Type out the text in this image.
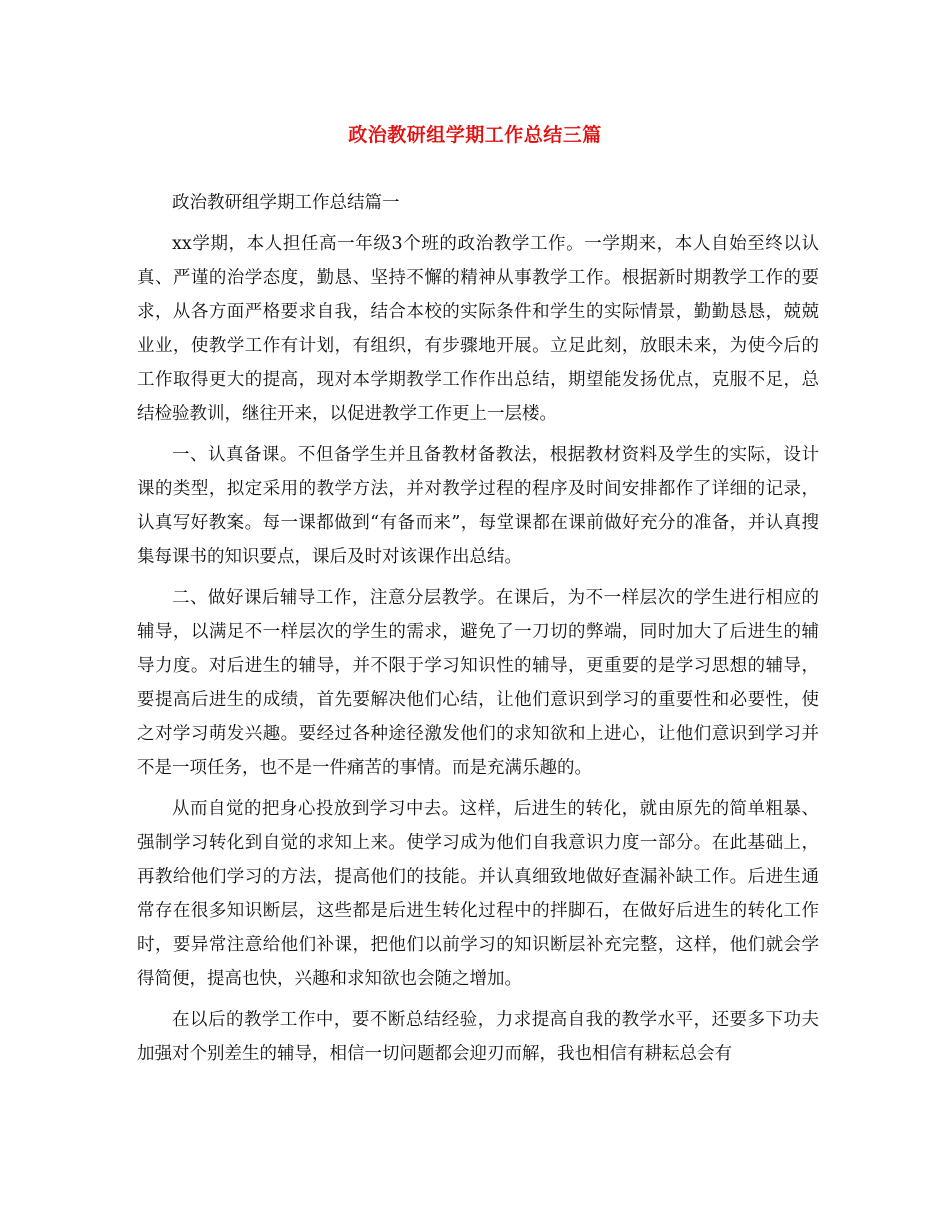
政治教研组学期工作总结三篇

政治教研组学期工作总结篇一

xx学期，本人担任高一年级3个班的政治教学工作。一学期来，本人自始至终以认真、严谨的治学态度，勤恳、坚持不懈的精神从事教学工作。根据新时期教学工作的要求，从各方面严格要求自我，结合本校的实际条件和学生的实际情景，勤勤恳恳，兢兢业业，使教学工作有计划，有组织，有步骤地开展。立足此刻，放眼未来，为使今后的工作取得更大的提高，现对本学期教学工作作出总结，期望能发扬优点，克服不足，总结检验教训，继往开来，以促进教学工作更上一层楼。

一、认真备课。不但备学生并且备教材备教法，根据教材资料及学生的实际，设计课的类型，拟定采用的教学方法，并对教学过程的程序及时间安排都作了详细的记录，认真写好教案。每一课都做到“有备而来”，每堂课都在课前做好充分的准备，并认真搜集每课书的知识要点，课后及时对该课作出总结。

二、做好课后辅导工作，注意分层教学。在课后，为不一样层次的学生进行相应的辅导，以满足不一样层次的学生的需求，避免了一刀切的弊端，同时加大了后进生的辅导力度。对后进生的辅导，并不限于学习知识性的辅导，更重要的是学习思想的辅导，要提高后进生的成绩，首先要解决他们心结，让他们意识到学习的重要性和必要性，使之对学习萌发兴趣。要经过各种途径激发他们的求知欲和上进心，让他们意识到学习并不是一项任务，也不是一件痛苦的事情。而是充满乐趣的。

从而自觉的把身心投放到学习中去。这样，后进生的转化，就由原先的简单粗暴、强制学习转化到自觉的求知上来。使学习成为他们自我意识力度一部分。在此基础上，再教给他们学习的方法，提高他们的技能。并认真细致地做好查漏补缺工作。后进生通常存在很多知识断层，这些都是后进生转化过程中的拌脚石，在做好后进生的转化工作时，要异常注意给他们补课，把他们以前学习的知识断层补充完整，这样，他们就会学得简便，提高也快，兴趣和求知欲也会随之增加。

在以后的教学工作中，要不断总结经验，力求提高自我的教学水平，还要多下功夫加强对个别差生的辅导，相信一切问题都会迎刃而解，我也相信有耕耘总会有
